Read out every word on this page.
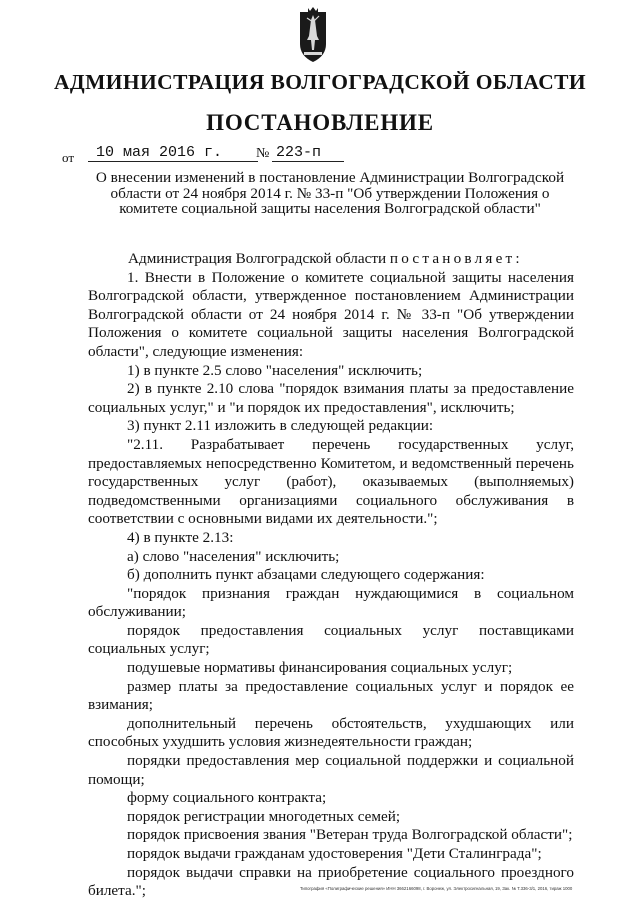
АДМИНИСТРАЦИЯ ВОЛГОГРАДСКОЙ ОБЛАСТИ
ПОСТАНОВЛЕНИЕ
от 10 мая 2016 г.	№ 223-п
О внесении изменений в постановление Администрации Волгоградской области от 24 ноября 2014 г. № 33-п "Об утверждении Положения о комитете социальной защиты населения Волгоградской области"

Администрация Волгоградской области постановляет:

1. Внести в Положение о комитете социальной защиты населения Волгоградской области, утвержденное постановлением Администрации Волгоградской области от 24 ноября 2014 г. № 33-п "Об утверждении Положения о комитете социальной защиты населения Волгоградской области", следующие изменения:

1) в пункте 2.5 слово "населения" исключить;

2) в пункте 2.10 слова "порядок взимания платы за предоставление социальных услуг," и "и порядок их предоставления", исключить;

3) пункт 2.11 изложить в следующей редакции:

"2.11. Разрабатывает перечень государственных услуг, предоставляемых непосредственно Комитетом, и ведомственный перечень государственных услуг (работ), оказываемых (выполняемых) подведомственными организациями социального обслуживания в соответствии с основными видами их деятельности.";

4) в пункте 2.13:

а) слово "населения" исключить;

б) дополнить пункт абзацами следующего содержания:

"порядок признания граждан нуждающимися в социальном обслуживании;

порядок предоставления социальных услуг поставщиками социальных услуг;

подушевые нормативы финансирования социальных услуг;

размер платы за предоставление социальных услуг и порядок ее взимания;

дополнительный перечень обстоятельств, ухудшающих или способных ухудшить условия жизнедеятельности граждан;

порядки предоставления мер социальной поддержки и социальной помощи;

форму социального контракта;

порядок регистрации многодетных семей;

порядок присвоения звания "Ветеран труда Волгоградской области";

порядок выдачи гражданам удостоверения "Дети Сталинграда";

порядок выдачи справки на приобретение социального проездного билета.";	Типография «Полиграфические решения» ИНН 3662166098, г. Воронеж, ул. Электросигнальная, 19, Зак. № Т.336-3/1, 2016, тираж 1000
